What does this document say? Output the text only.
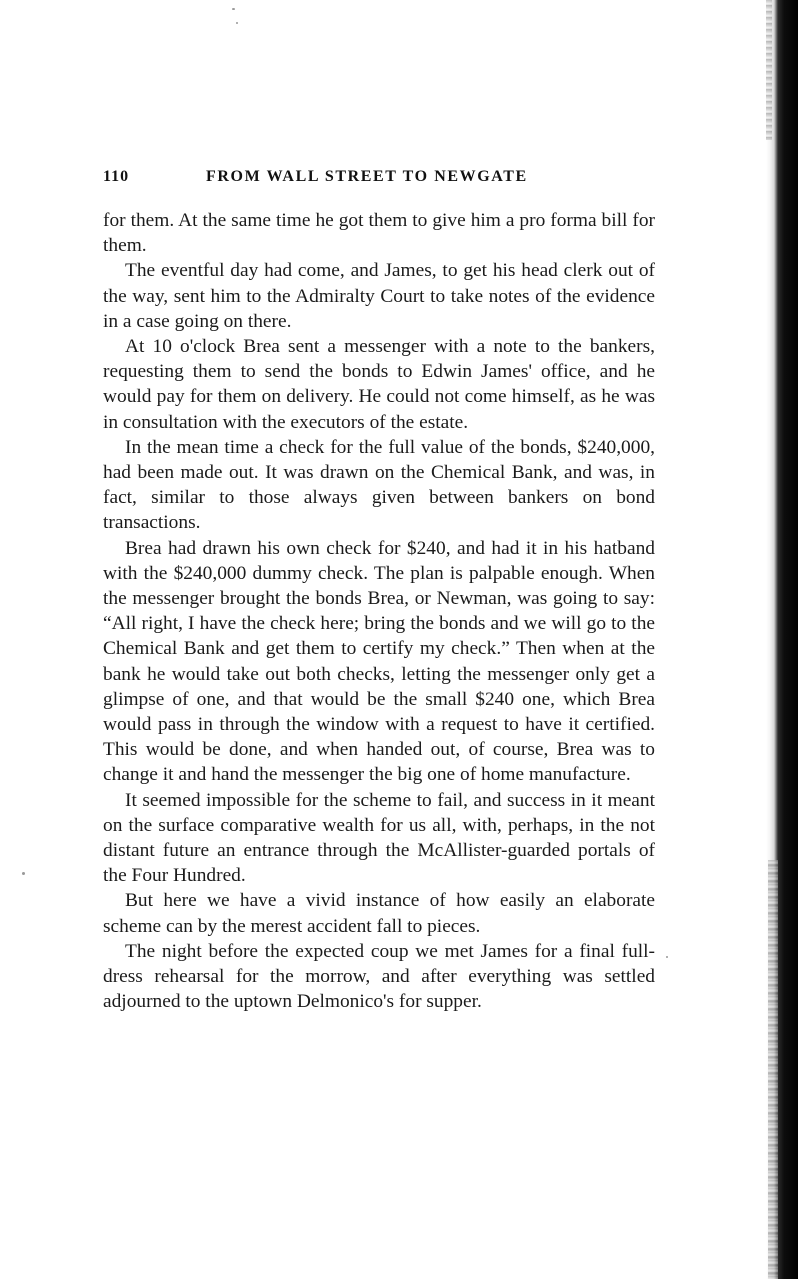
110	FROM WALL STREET TO NEWGATE

for them. At the same time he got them to give him a pro forma bill for them.

The eventful day had come, and James, to get his head clerk out of the way, sent him to the Admiralty Court to take notes of the evidence in a case going on there.

At 10 o'clock Brea sent a messenger with a note to the bankers, requesting them to send the bonds to Edwin James' office, and he would pay for them on delivery. He could not come himself, as he was in consultation with the executors of the estate.

In the mean time a check for the full value of the bonds, $240,000, had been made out. It was drawn on the Chemical Bank, and was, in fact, similar to those always given between bankers on bond transactions.

Brea had drawn his own check for $240, and had it in his hatband with the $240,000 dummy check. The plan is palpable enough. When the messenger brought the bonds Brea, or Newman, was going to say: “All right, I have the check here; bring the bonds and we will go to the Chemical Bank and get them to certify my check.” Then when at the bank he would take out both checks, letting the messenger only get a glimpse of one, and that would be the small $240 one, which Brea would pass in through the window with a request to have it certified. This would be done, and when handed out, of course, Brea was to change it and hand the messenger the big one of home manufacture.

It seemed impossible for the scheme to fail, and success in it meant on the surface comparative wealth for us all, with, perhaps, in the not distant future an entrance through the McAllister-guarded portals of the Four Hundred.

But here we have a vivid instance of how easily an elaborate scheme can by the merest accident fall to pieces.

The night before the expected coup we met James for a final full-dress rehearsal for the morrow, and after everything was settled adjourned to the uptown Delmonico's for supper.
